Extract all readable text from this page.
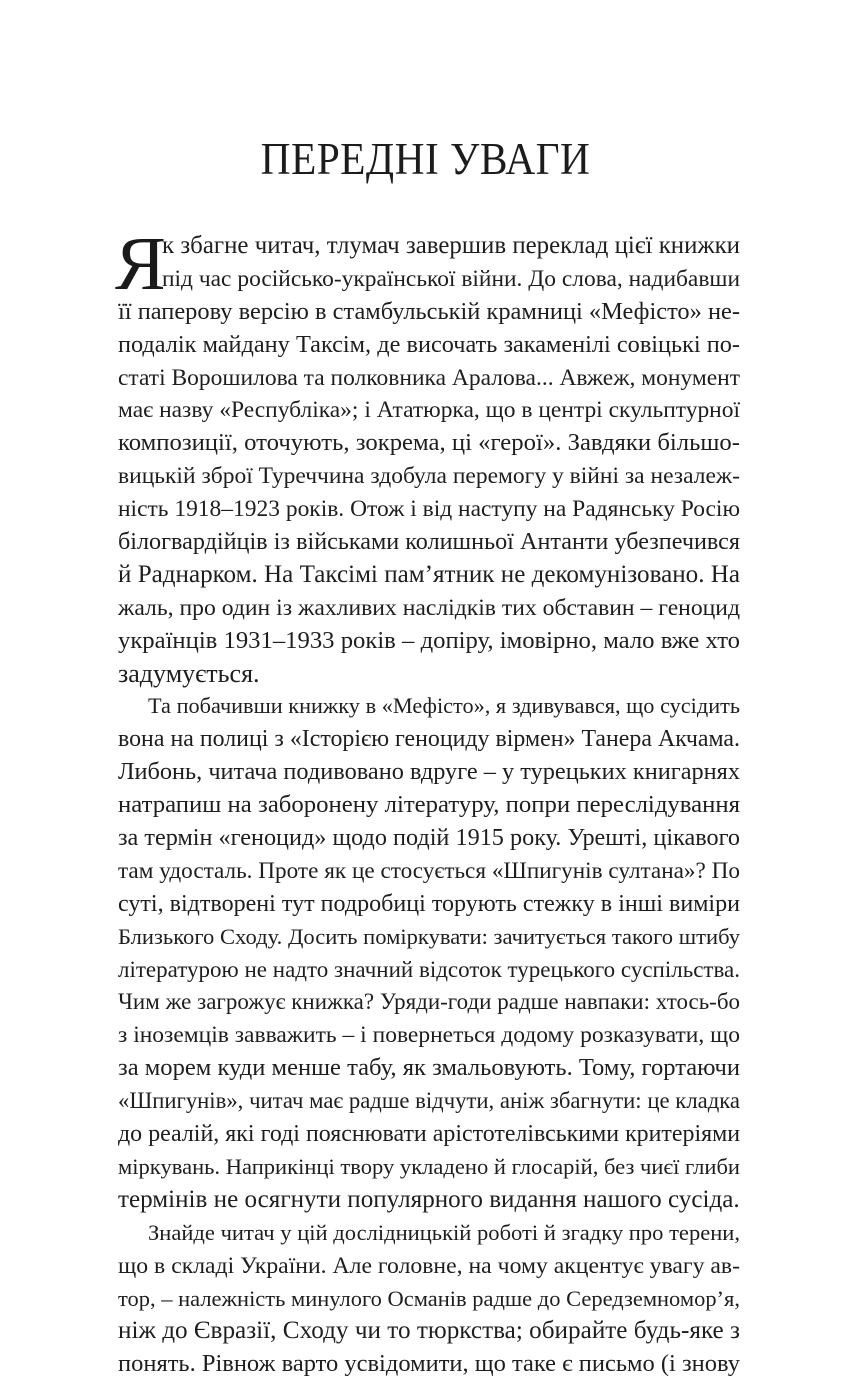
ПЕРЕДНІ УВАГИ
Я
к збагне читач, тлумач завершив переклад цієї книжки
під час російсько-української війни. До слова, надибавши
її паперову версію в стамбульській крамниці «Мефісто» не-
подалік майдану Таксім, де височать закаменілі совіцькі по-
статі Ворошилова та полковника Аралова... Авжеж, монумент
має назву «Республіка»; і Ататюрка, що в центрі скульптурної
композиції, оточують, зокрема, ці «герої». Завдяки більшо-
вицькій зброї Туреччина здобула перемогу у війні за незалеж-
ність 1918–1923 років. Отож і від наступу на Радянську Росію
білогвардійців із військами колишньої Антанти убезпечився
й Раднарком. На Таксімі пам’ятник не декомунізовано. На
жаль, про один із жахливих наслідків тих обставин – геноцид
українців 1931–1933 років – допіру, імовірно, мало вже хто
задумується.
Та побачивши книжку в «Мефісто», я здивувався, що сусідить
вона на полиці з «Історією геноциду вірмен» Танера Акчама.
Либонь, читача подивовано вдруге – у турецьких книгарнях
натрапиш на заборонену літературу, попри переслідування
за термін «геноцид» щодо подій 1915 року. Урешті, цікавого
там удосталь. Проте як це стосується «Шпигунів султана»? По
суті, відтворені тут подробиці торують стежку в інші виміри
Близького Сходу. Досить поміркувати: зачитується такого штибу
літературою не надто значний відсоток турецького суспільства.
Чим же загрожує книжка? Уряди-годи радше навпаки: хтось-бо
з іноземців завважить – і повернеться додому розказувати, що
за морем куди менше табу, як змальовують. Тому, гортаючи
«Шпигунів», читач має радше відчути, аніж збагнути: це кладка
до реалій, які годі пояснювати арістотелівськими критеріями
міркувань. Наприкінці твору укладено й глосарій, без чиєї глиби
термінів не осягнути популярного видання нашого сусіда.
Знайде читач у цій дослідницькій роботі й згадку про терени,
що в складі України. Але головне, на чому акцентує увагу ав-
тор, – належність минулого Османів радше до Середземномор’я,
ніж до Євразії, Сходу чи то тюркства; обирайте будь-яке з
понять. Рівнож варто усвідомити, що таке є письмо (і знову
